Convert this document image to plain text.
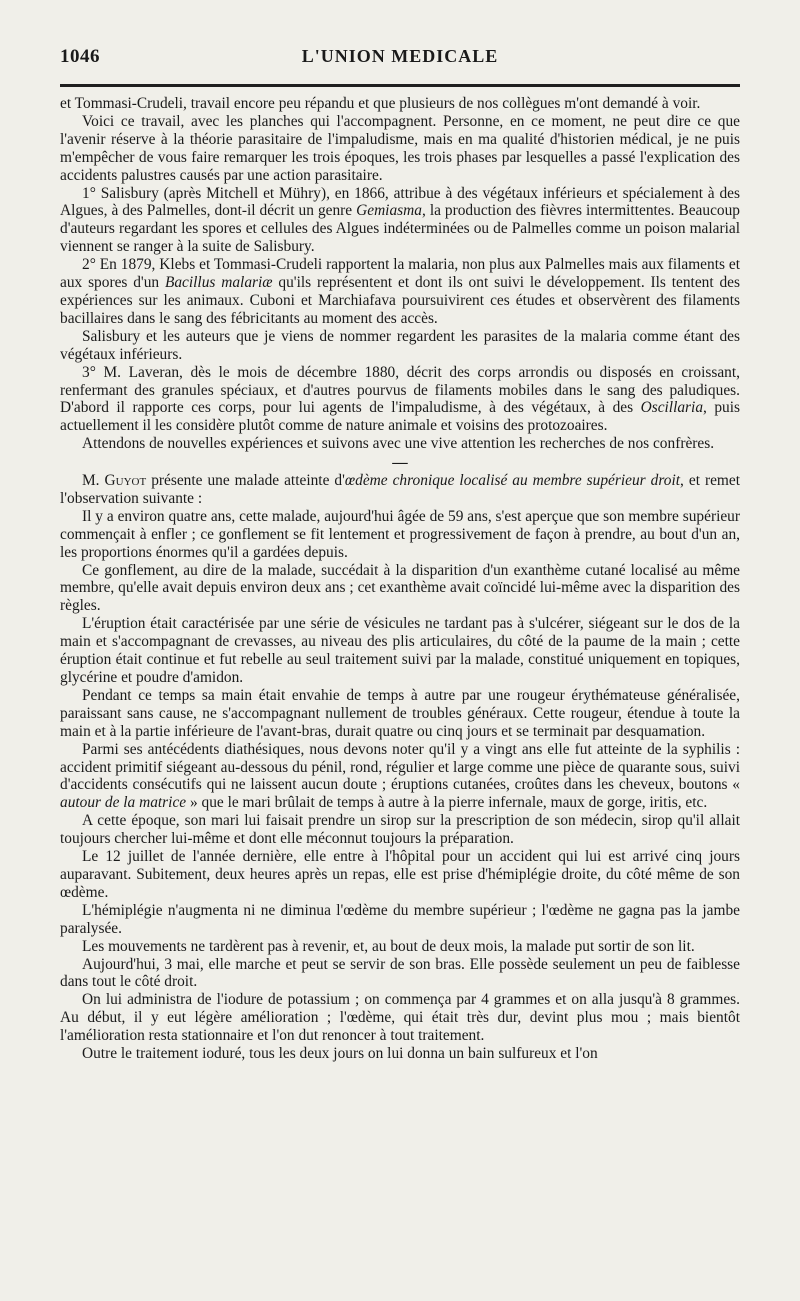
1046	L'UNION MEDICALE

et Tommasi-Crudeli, travail encore peu répandu et que plusieurs de nos collègues m'ont demandé à voir.

Voici ce travail, avec les planches qui l'accompagnent. Personne, en ce moment, ne peut dire ce que l'avenir réserve à la théorie parasitaire de l'impaludisme, mais en ma qualité d'historien médical, je ne puis m'empêcher de vous faire remarquer les trois époques, les trois phases par lesquelles a passé l'explication des accidents palustres causés par une action parasitaire.

1° Salisbury (après Mitchell et Mühry), en 1866, attribue à des végétaux inférieurs et spécialement à des Algues, à des Palmelles, dont-il décrit un genre Gemiasma, la production des fièvres intermittentes. Beaucoup d'auteurs regardant les spores et cellules des Algues indéterminées ou de Palmelles comme un poison malarial viennent se ranger à la suite de Salisbury.

2° En 1879, Klebs et Tommasi-Crudeli rapportent la malaria, non plus aux Palmelles mais aux filaments et aux spores d'un Bacillus malariæ qu'ils représentent et dont ils ont suivi le développement. Ils tentent des expériences sur les animaux. Cuboni et Marchiafava poursuivirent ces études et observèrent des filaments bacillaires dans le sang des fébricitants au moment des accès.

Salisbury et les auteurs que je viens de nommer regardent les parasites de la malaria comme étant des végétaux inférieurs.

3° M. Laveran, dès le mois de décembre 1880, décrit des corps arrondis ou disposés en croissant, renfermant des granules spéciaux, et d'autres pourvus de filaments mobiles dans le sang des paludiques. D'abord il rapporte ces corps, pour lui agents de l'impaludisme, à des végétaux, à des Oscillaria, puis actuellement il les considère plutôt comme de nature animale et voisins des protozoaires.

Attendons de nouvelles expériences et suivons avec une vive attention les recherches de nos confrères.

—

M. Guyot présente une malade atteinte d'œdème chronique localisé au membre supérieur droit, et remet l'observation suivante :

Il y a environ quatre ans, cette malade, aujourd'hui âgée de 59 ans, s'est aperçue que son membre supérieur commençait à enfler ; ce gonflement se fit lentement et progressivement de façon à prendre, au bout d'un an, les proportions énormes qu'il a gardées depuis.

Ce gonflement, au dire de la malade, succédait à la disparition d'un exanthème cutané localisé au même membre, qu'elle avait depuis environ deux ans ; cet exanthème avait coïncidé lui-même avec la disparition des règles.

L'éruption était caractérisée par une série de vésicules ne tardant pas à s'ulcérer, siégeant sur le dos de la main et s'accompagnant de crevasses, au niveau des plis articulaires, du côté de la paume de la main ; cette éruption était continue et fut rebelle au seul traitement suivi par la malade, constitué uniquement en topiques, glycérine et poudre d'amidon.

Pendant ce temps sa main était envahie de temps à autre par une rougeur érythémateuse généralisée, paraissant sans cause, ne s'accompagnant nullement de troubles généraux. Cette rougeur, étendue à toute la main et à la partie inférieure de l'avant-bras, durait quatre ou cinq jours et se terminait par desquamation.

Parmi ses antécédents diathésiques, nous devons noter qu'il y a vingt ans elle fut atteinte de la syphilis : accident primitif siégeant au-dessous du pénil, rond, régulier et large comme une pièce de quarante sous, suivi d'accidents consécutifs qui ne laissent aucun doute ; éruptions cutanées, croûtes dans les cheveux, boutons « autour de la matrice » que le mari brûlait de temps à autre à la pierre infernale, maux de gorge, iritis, etc.

A cette époque, son mari lui faisait prendre un sirop sur la prescription de son médecin, sirop qu'il allait toujours chercher lui-même et dont elle méconnut toujours la préparation.

Le 12 juillet de l'année dernière, elle entre à l'hôpital pour un accident qui lui est arrivé cinq jours auparavant. Subitement, deux heures après un repas, elle est prise d'hémiplégie droite, du côté même de son œdème.

L'hémiplégie n'augmenta ni ne diminua l'œdème du membre supérieur ; l'œdème ne gagna pas la jambe paralysée.

Les mouvements ne tardèrent pas à revenir, et, au bout de deux mois, la malade put sortir de son lit.

Aujourd'hui, 3 mai, elle marche et peut se servir de son bras. Elle possède seulement un peu de faiblesse dans tout le côté droit.

On lui administra de l'iodure de potassium ; on commença par 4 grammes et on alla jusqu'à 8 grammes. Au début, il y eut légère amélioration ; l'œdème, qui était très dur, devint plus mou ; mais bientôt l'amélioration resta stationnaire et l'on dut renoncer à tout traitement.

Outre le traitement ioduré, tous les deux jours on lui donna un bain sulfureux et l'on
